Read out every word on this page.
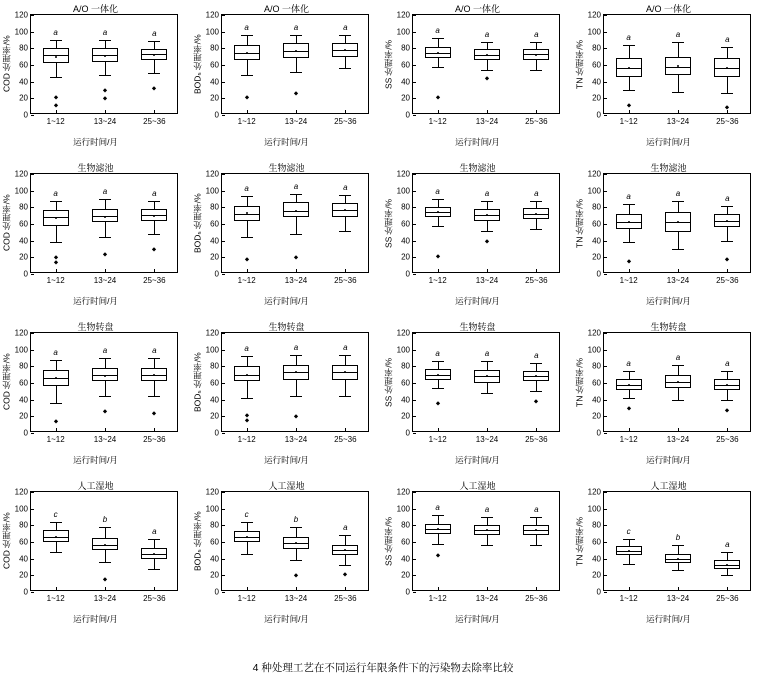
A/O 一体化
COD 处理率/%
运行时间/月
0
20
40
60
80
100
120
1~12
a
13~24
a
25~36
a
A/O 一体化
BOD₅ 处理率/%
运行时间/月
0
20
40
60
80
100
120
1~12
a
13~24
a
25~36
a
A/O 一体化
SS 处理率/%
运行时间/月
0
20
40
60
80
100
120
1~12
a
13~24
a
25~36
a
A/O 一体化
TN 处理率/%
运行时间/月
0
20
40
60
80
100
120
1~12
a
13~24
a
25~36
a
生物滤池
COD 处理率/%
运行时间/月
0
20
40
60
80
100
120
1~12
a
13~24
a
25~36
a
生物滤池
BOD₅ 处理率/%
运行时间/月
0
20
40
60
80
100
120
1~12
a
13~24
a
25~36
a
生物滤池
SS 处理率/%
运行时间/月
0
20
40
60
80
100
120
1~12
a
13~24
a
25~36
a
生物滤池
TN 处理率/%
运行时间/月
0
20
40
60
80
100
120
1~12
a
13~24
a
25~36
a
生物转盘
COD 处理率/%
运行时间/月
0
20
40
60
80
100
120
1~12
a
13~24
a
25~36
a
生物转盘
BOD₅ 处理率/%
运行时间/月
0
20
40
60
80
100
120
1~12
a
13~24
a
25~36
a
生物转盘
SS 处理率/%
运行时间/月
0
20
40
60
80
100
120
1~12
a
13~24
a
25~36
a
生物转盘
TN 处理率/%
运行时间/月
0
20
40
60
80
100
120
1~12
a
13~24
a
25~36
a
人工湿地
COD 处理率/%
运行时间/月
0
20
40
60
80
100
120
1~12
c
13~24
b
25~36
a
人工湿地
BOD₅ 处理率/%
运行时间/月
0
20
40
60
80
100
120
1~12
c
13~24
b
25~36
a
人工湿地
SS 处理率/%
运行时间/月
0
20
40
60
80
100
120
1~12
a
13~24
a
25~36
a
人工湿地
TN 处理率/%
运行时间/月
0
20
40
60
80
100
120
1~12
c
13~24
b
25~36
a
4 种处理工艺在不同运行年限条件下的污染物去除率比较
